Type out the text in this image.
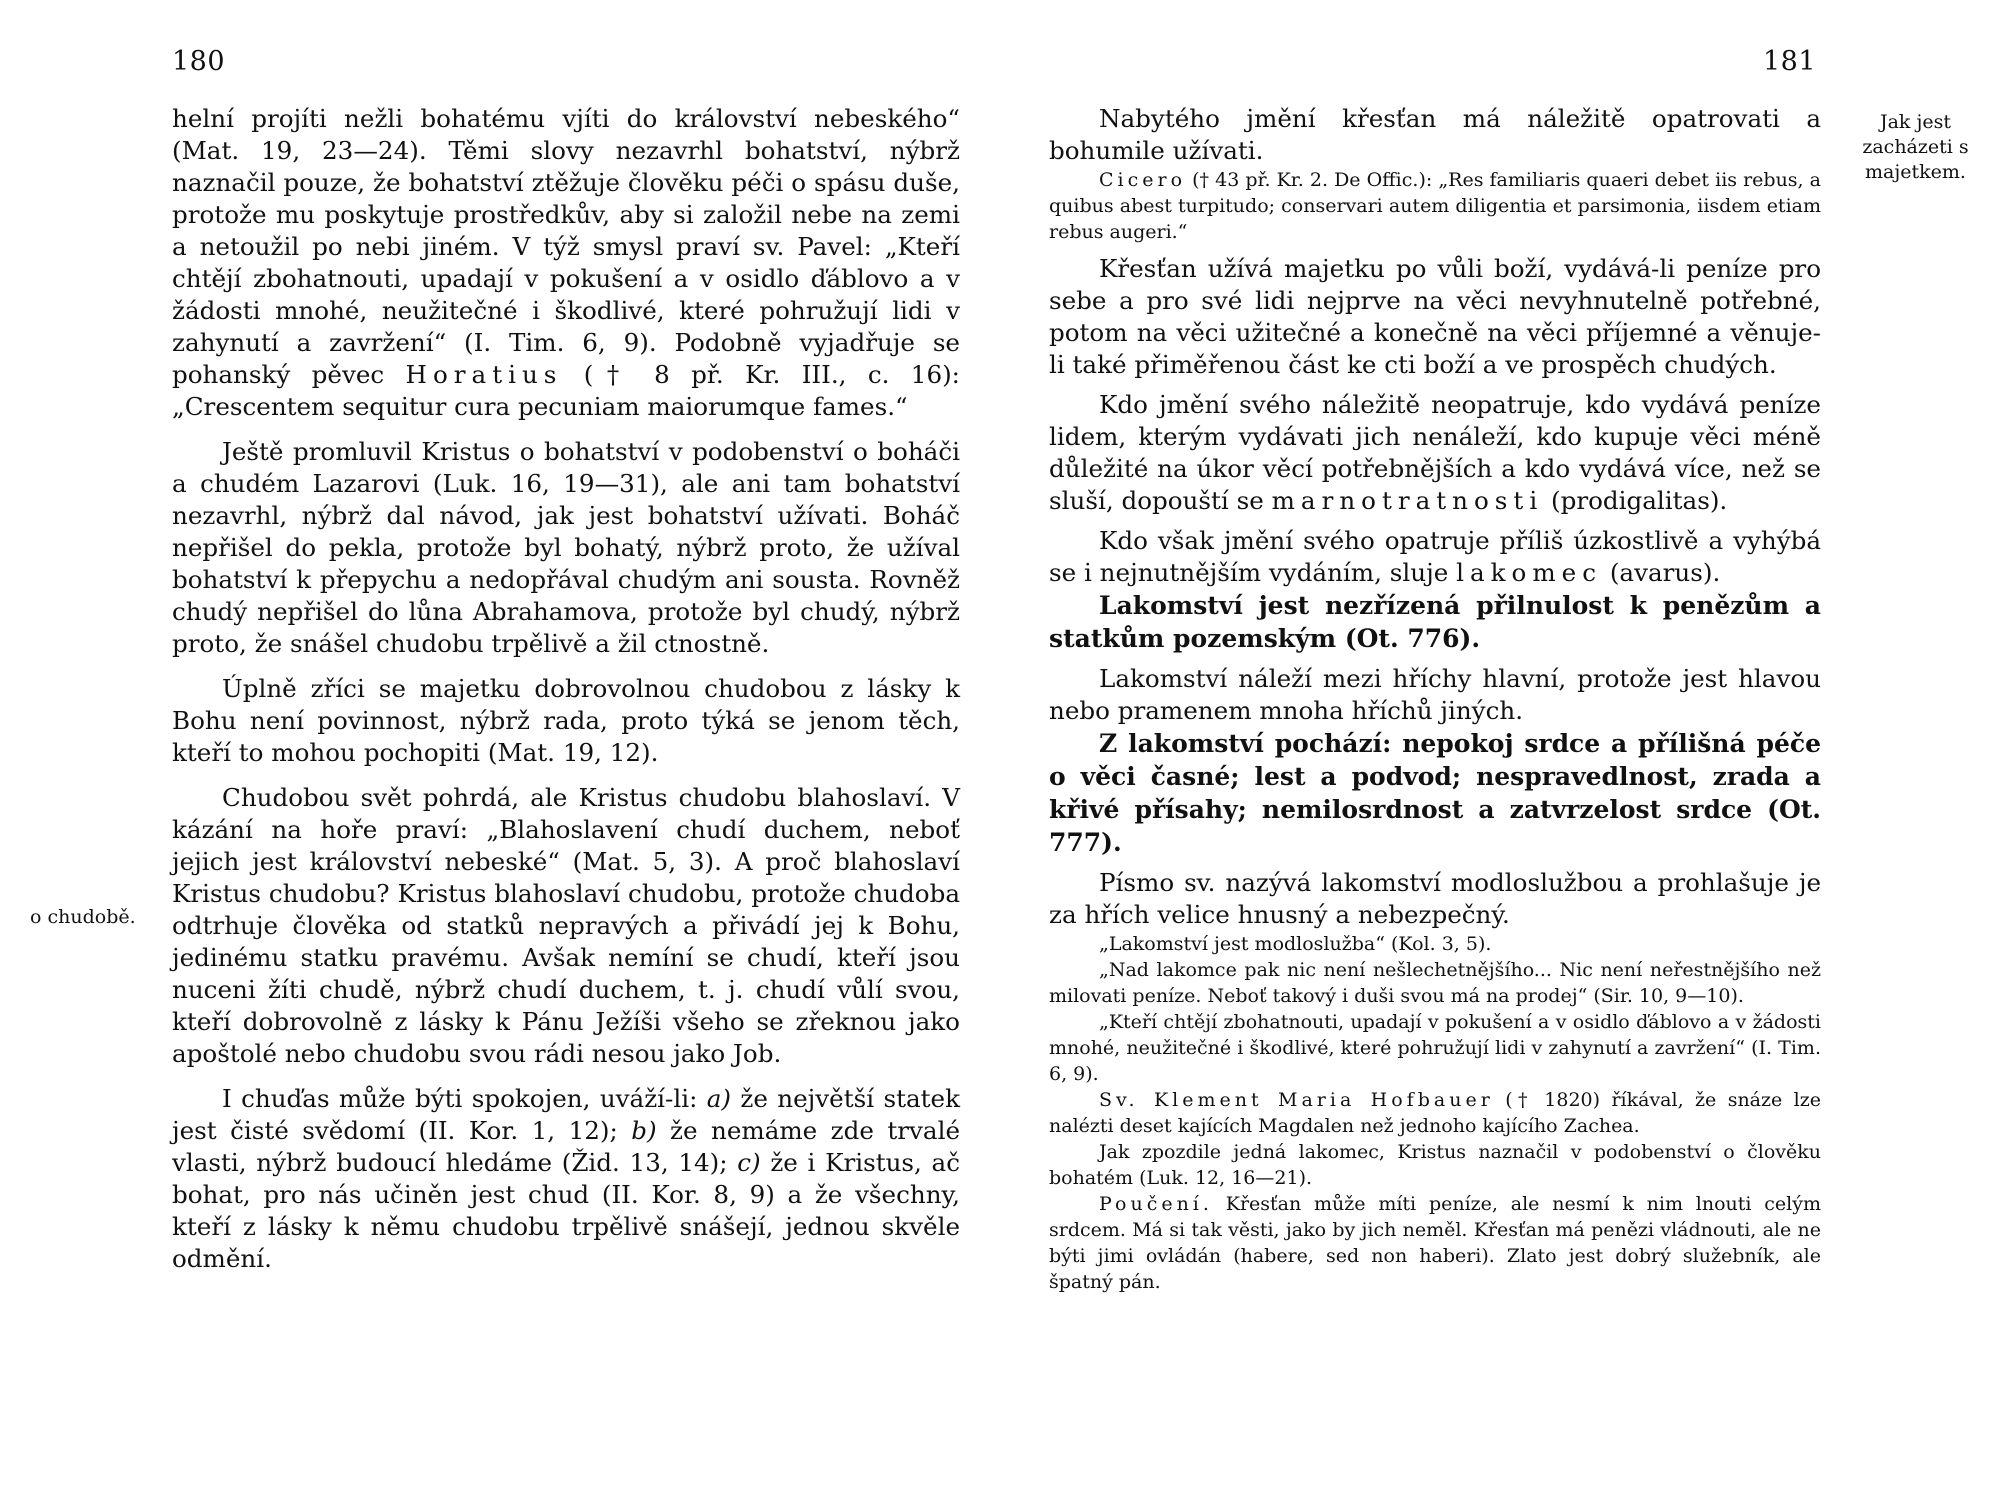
180
o chudobě.

helní projíti nežli bohatému vjíti do království nebeského“ (Mat. 19, 23—24). Těmi slovy nezavrhl bohatství, nýbrž naznačil pouze, že bohatství ztěžuje člověku péči o spásu duše, protože mu poskytuje prostředkův, aby si založil nebe na zemi a netoužil po nebi jiném. V týž smysl praví sv. Pavel: „Kteří chtějí zbohatnouti, upadají v pokušení a v osidlo ďáblovo a v žádosti mnohé, neužitečné i škodlivé, které pohružují lidi v zahynutí a zavržení“ (I. Tim. 6, 9). Podobně vyjadřuje se pohanský pěvec Horatius († 8 př. Kr. III., c. 16): „Crescentem sequitur cura pecuniam maiorumque fames.“

Ještě promluvil Kristus o bohatství v podobenství o boháči a chudém Lazarovi (Luk. 16, 19—31), ale ani tam bohatství nezavrhl, nýbrž dal návod, jak jest bohatství užívati. Boháč nepřišel do pekla, protože byl bohatý, nýbrž proto, že užíval bohatství k přepychu a nedopřával chudým ani sousta. Rovněž chudý nepřišel do lůna Abrahamova, protože byl chudý, nýbrž proto, že snášel chudobu trpělivě a žil ctnostně.

Úplně zříci se majetku dobrovolnou chudobou z lásky k Bohu není povinnost, nýbrž rada, proto týká se jenom těch, kteří to mohou pochopiti (Mat. 19, 12).

Chudobou svět pohrdá, ale Kristus chudobu blahoslaví. V kázání na hoře praví: „Blahoslavení chudí duchem, neboť jejich jest království nebeské“ (Mat. 5, 3). A proč blahoslaví Kristus chudobu? Kristus blahoslaví chudobu, protože chudoba odtrhuje člověka od statků nepravých a přivádí jej k Bohu, jedinému statku pravému. Avšak nemíní se chudí, kteří jsou nuceni žíti chudě, nýbrž chudí duchem, t. j. chudí vůlí svou, kteří dobrovolně z lásky k Pánu Ježíši všeho se zřeknou jako apoštolé nebo chudobu svou rádi nesou jako Job.

I chuďas může býti spokojen, uváží-li: a) že největší statek jest čisté svědomí (II. Kor. 1, 12); b) že nemáme zde trvalé vlasti, nýbrž budoucí hledáme (Žid. 13, 14); c) že i Kristus, ač bohat, pro nás učiněn jest chud (II. Kor. 8, 9) a že všechny, kteří z lásky k němu chudobu trpělivě snášejí, jednou skvěle odmění.

181
Jak jest zacházeti s majetkem.

Nabytého jmění křesťan má náležitě opatrovati a bohumile užívati.

Cicero († 43 př. Kr. 2. De Offic.): „Res familiaris quaeri debet iis rebus, a quibus abest turpitudo; conservari autem diligentia et parsimonia, iisdem etiam rebus augeri.“

Křesťan užívá majetku po vůli boží, vydává-li peníze pro sebe a pro své lidi nejprve na věci nevyhnutelně potřebné, potom na věci užitečné a konečně na věci příjemné a věnuje-li také přiměřenou část ke cti boží a ve prospěch chudých.

Kdo jmění svého náležitě neopatruje, kdo vydává peníze lidem, kterým vydávati jich nenáleží, kdo kupuje věci méně důležité na úkor věcí potřebnějších a kdo vydává více, než se sluší, dopouští se marnotratnosti (prodigalitas).

Kdo však jmění svého opatruje příliš úzkostlivě a vyhýbá se i nejnutnějším vydáním, sluje lakomec (avarus).

Lakomství jest nezřízená přilnulost k penězům a statkům pozemským (Ot. 776).

Lakomství náleží mezi hříchy hlavní, protože jest hlavou nebo pramenem mnoha hříchů jiných.

Z lakomství pochází: nepokoj srdce a přílišná péče o věci časné; lest a podvod; nespravedlnost, zrada a křivé přísahy; nemilosrdnost a zatvrzelost srdce (Ot. 777).

Písmo sv. nazývá lakomství modloslužbou a prohlašuje je za hřích velice hnusný a nebezpečný.

„Lakomství jest modloslužba“ (Kol. 3, 5).

„Nad lakomce pak nic není nešlechetnějšího... Nic není neřestnějšího než milovati peníze. Neboť takový i duši svou má na prodej“ (Sir. 10, 9—10).

„Kteří chtějí zbohatnouti, upadají v pokušení a v osidlo ďáblovo a v žádosti mnohé, neužitečné i škodlivé, které pohružují lidi v zahynutí a zavržení“ (I. Tim. 6, 9).

Sv. Klement Maria Hofbauer († 1820) říkával, že snáze lze nalézti deset kajících Magdalen než jednoho kajícího Zachea.

Jak zpozdile jedná lakomec, Kristus naznačil v podobenství o člověku bohatém (Luk. 12, 16—21).

Poučení. Křesťan může míti peníze, ale nesmí k nim lnouti celým srdcem. Má si tak věsti, jako by jich neměl. Křesťan má penězi vládnouti, ale ne býti jimi ovládán (habere, sed non haberi). Zlato jest dobrý služebník, ale špatný pán.
